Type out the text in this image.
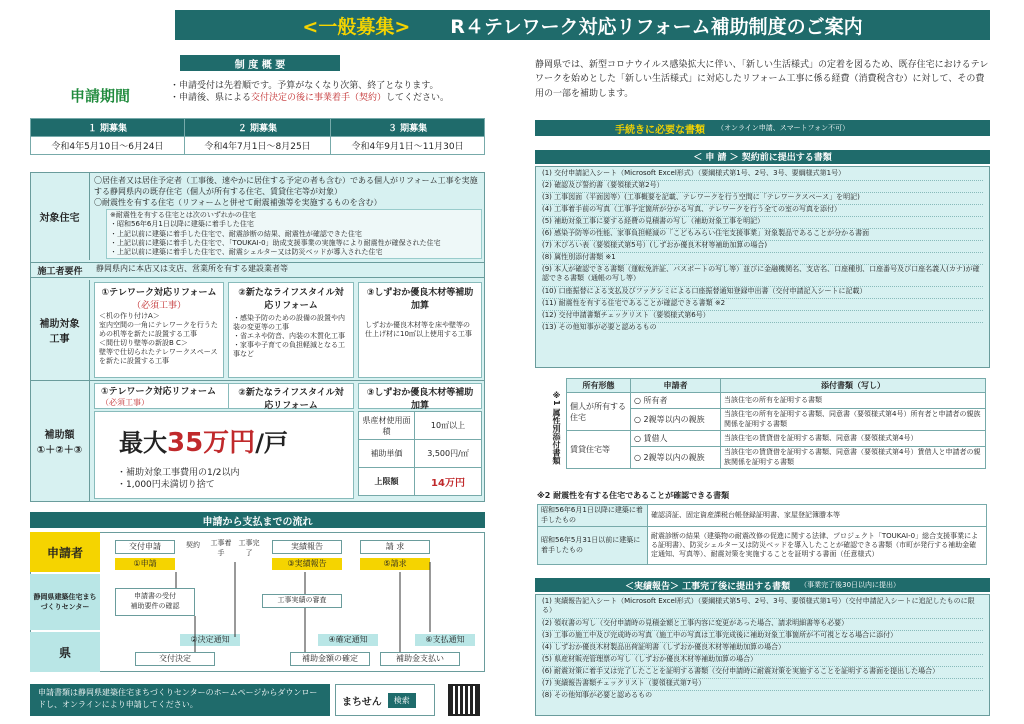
<一般募集> R４テレワーク対応リフォーム補助制度のご案内
制 度 概 要
申請期間
・申請受付は先着順です。予算がなくなり次第、終了となります。
・申請後、県による交付決定の後に事業着手（契約）してください。
１ 期募集	２ 期募集	３ 期募集
令和4年5月10日～6月24日	令和4年7月1日～8月25日	令和4年9月1日～11月30日
対象住宅
〇居住者又は居住予定者（工事後、速やかに居住する予定の者も含む）である個人がリフォーム工事を実施する静岡県内の既存住宅（個人が所有する住宅、賃貸住宅等が対象）
〇耐震性を有する住宅（リフォームと併せて耐震補強等を実施するものを含む）
※耐震性を有する住宅とは次のいずれかの住宅
・昭和56年6月1日以降に建築に着手した住宅
・上記以前に建築に着手した住宅で、耐震診断の結果、耐震性が確認できた住宅
・上記以前に建築に着手した住宅で、「TOUKAI-0」助成支援事業の実施等により耐震性が確保された住宅
・上記以前に建築に着手した住宅で、耐震シェルター又は防災ベッドが導入された住宅
施工者要件	静岡県内に本店又は支店、営業所を有する建設業者等
補助対象工事
①テレワーク対応リフォーム
（必須工事）
＜机の作り付けA＞
室内空間の一角にテレワークを行うための机等を新たに設置する工事
＜間仕切り壁等の新設B C＞
壁等で仕切られたテレワークスペースを新たに設置する工事
②新たなライフスタイル対応リフォーム
・感染予防のための設備の設置や内装の変更等の工事
・省エネや防音、内装の木質化工事
・家事や子育ての負担軽減となる工事など
③しずおか優良木材等補助加算
しずおか優良木材等を床や壁等の仕上げ材に10㎡以上使用する工事
補助額
①＋②＋③
①テレワーク対応リフォーム
（必須工事）
②新たなライフスタイル対応リフォーム
③しずおか優良木材等補助加算
最大35万円/戸
・補助対象工事費用の1/2以内
・1,000円未満切り捨て
県産材使用面積	10㎡以上
補助単価	3,500円/㎡
上限額	14万円
申請から支払までの流れ
申請者
静岡県建築住宅まちづくりセンター
県
交付申請	契約	工事着手
工事完了
実績報告	請 求
①申請	③実績報告	⑤請求
申請書の受付
補助要件の確認
工事実績の審査
②決定通知	④確定通知	⑥支払通知
交付決定	補助金額の確定	補助金支払い
申請書類は静岡県建築住宅まちづくりセンターのホームページからダウンロードし、オンラインにより申請してください。	まちせん	検索
静岡県では、新型コロナウイルス感染拡大に伴い、「新しい生活様式」の定着を図るため、既存住宅におけるテレワークを始めとした「新しい生活様式」に対応したリフォーム工事に係る経費（消費税含む）に対して、その費用の一部を補助します。
手続きに必要な書類 （オンライン申請、スマートフォン不可）
＜ 申 請 ＞ 契約前に提出する書類
(1) 交付申請記入シート（Microsoft Excel形式）（要綱様式第1号、2号、3号、要綱様式第1号）
(2) 確認及び誓約書（要領様式第2号）
(3) 工事図面（平面図等）(工事概要を記載、テレワークを行う空間に「テレワークスペース」を明記)
(4) 工事着手前の写真（工事予定箇所が分かる写真、テレワークを行う全ての室の写真を添付）
(5) 補助対象工事に要する経費の見積書の写し（補助対象工事を明記）
(6) 感染予防等の性能、家事負担軽減の「こどもみらい住宅支援事業」対象製品であることが分かる書面
(7) 木びろい表（要領様式第5号）(しずおか優良木材等補助加算の場合)
(8) 属性別添付書類 ※1
(9) 本人が確認できる書類（運転免許証、パスポートの写し等）並びに金融機関名、支店名、口座種別、口座番号及び口座名義人(カナ)が確認できる書類（通帳の写し等）
(10) 口座振替による支払及びファクシミによる口座振替通知登録申出書（交付申請記入シートに記載）
(11) 耐震性を有する住宅であることが確認できる書類 ※2
(12) 交付申請書類チェックリスト（要領様式第6号）
(13) その他知事が必要と認めるもの
※1 属性別添付書類
所有形態	申請者	添付書類（写し）
個人が所有する住宅	○ 所有者	当該住宅の所有を証明する書類
	○ 2親等以内の親族	当該住宅の所有を証明する書類、同意書（要領様式第4号）所有者と申請者の親族関係を証明する書類
賃貸住宅等	○ 賃借人	当該住宅の賃貸借を証明する書類、同意書（要領様式第4号）
	○ 2親等以内の親族	当該住宅の賃貸借を証明する書類、同意書（要領様式第4号）賃借人と申請者の親族関係を証明する書類
※2 耐震性を有する住宅であることが確認できる書類
昭和56年6月1日以降に建築に着手したもの	確認済証、固定資産課税台帳登録証明書、家屋登記簿謄本等
昭和56年5月31日以前に建築に着手したもの	耐震診断の結果（建築物の耐震改修の促進に関する法律、プロジェクト「TOUKAI-0」総合支援事業による証明書）、防災シェルター又は防災ベッドを導入したことが確認できる書類（市町が発行する補助金確定通知、写真等）、耐震対策を実施することを証明する書面（任意様式）
＜実績報告＞ 工事完了後に提出する書類 （事業完了後30日以内に提出）
(1) 実績報告記入シート（Microsoft Excel形式）（要綱様式第5号、2号、3号、要領様式第1号）（交付申請記入シートに追記したものに限る）
(2) 領収書の写し（交付申請時の見積金額と工事内容に変更があった場合、請求明細書等も必要）
(3) 工事の施工中及び完成時の写真（施工中の写真は工事完成後に補助対象工事箇所が不可視となる場合に添付）
(4) しずおか優良木材製品出荷証明書（しずおか優良木材等補助加算の場合）
(5) 県産材販売管理票の写し（しずおか優良木材等補助加算の場合）
(6) 耐震対策に着手又は完了したことを証明する書類（交付申請時に耐震対策を実施することを証明する書面を提出した場合）
(7) 実績報告書類チェックリスト（要領様式第7号）
(8) その他知事が必要と認めるもの
